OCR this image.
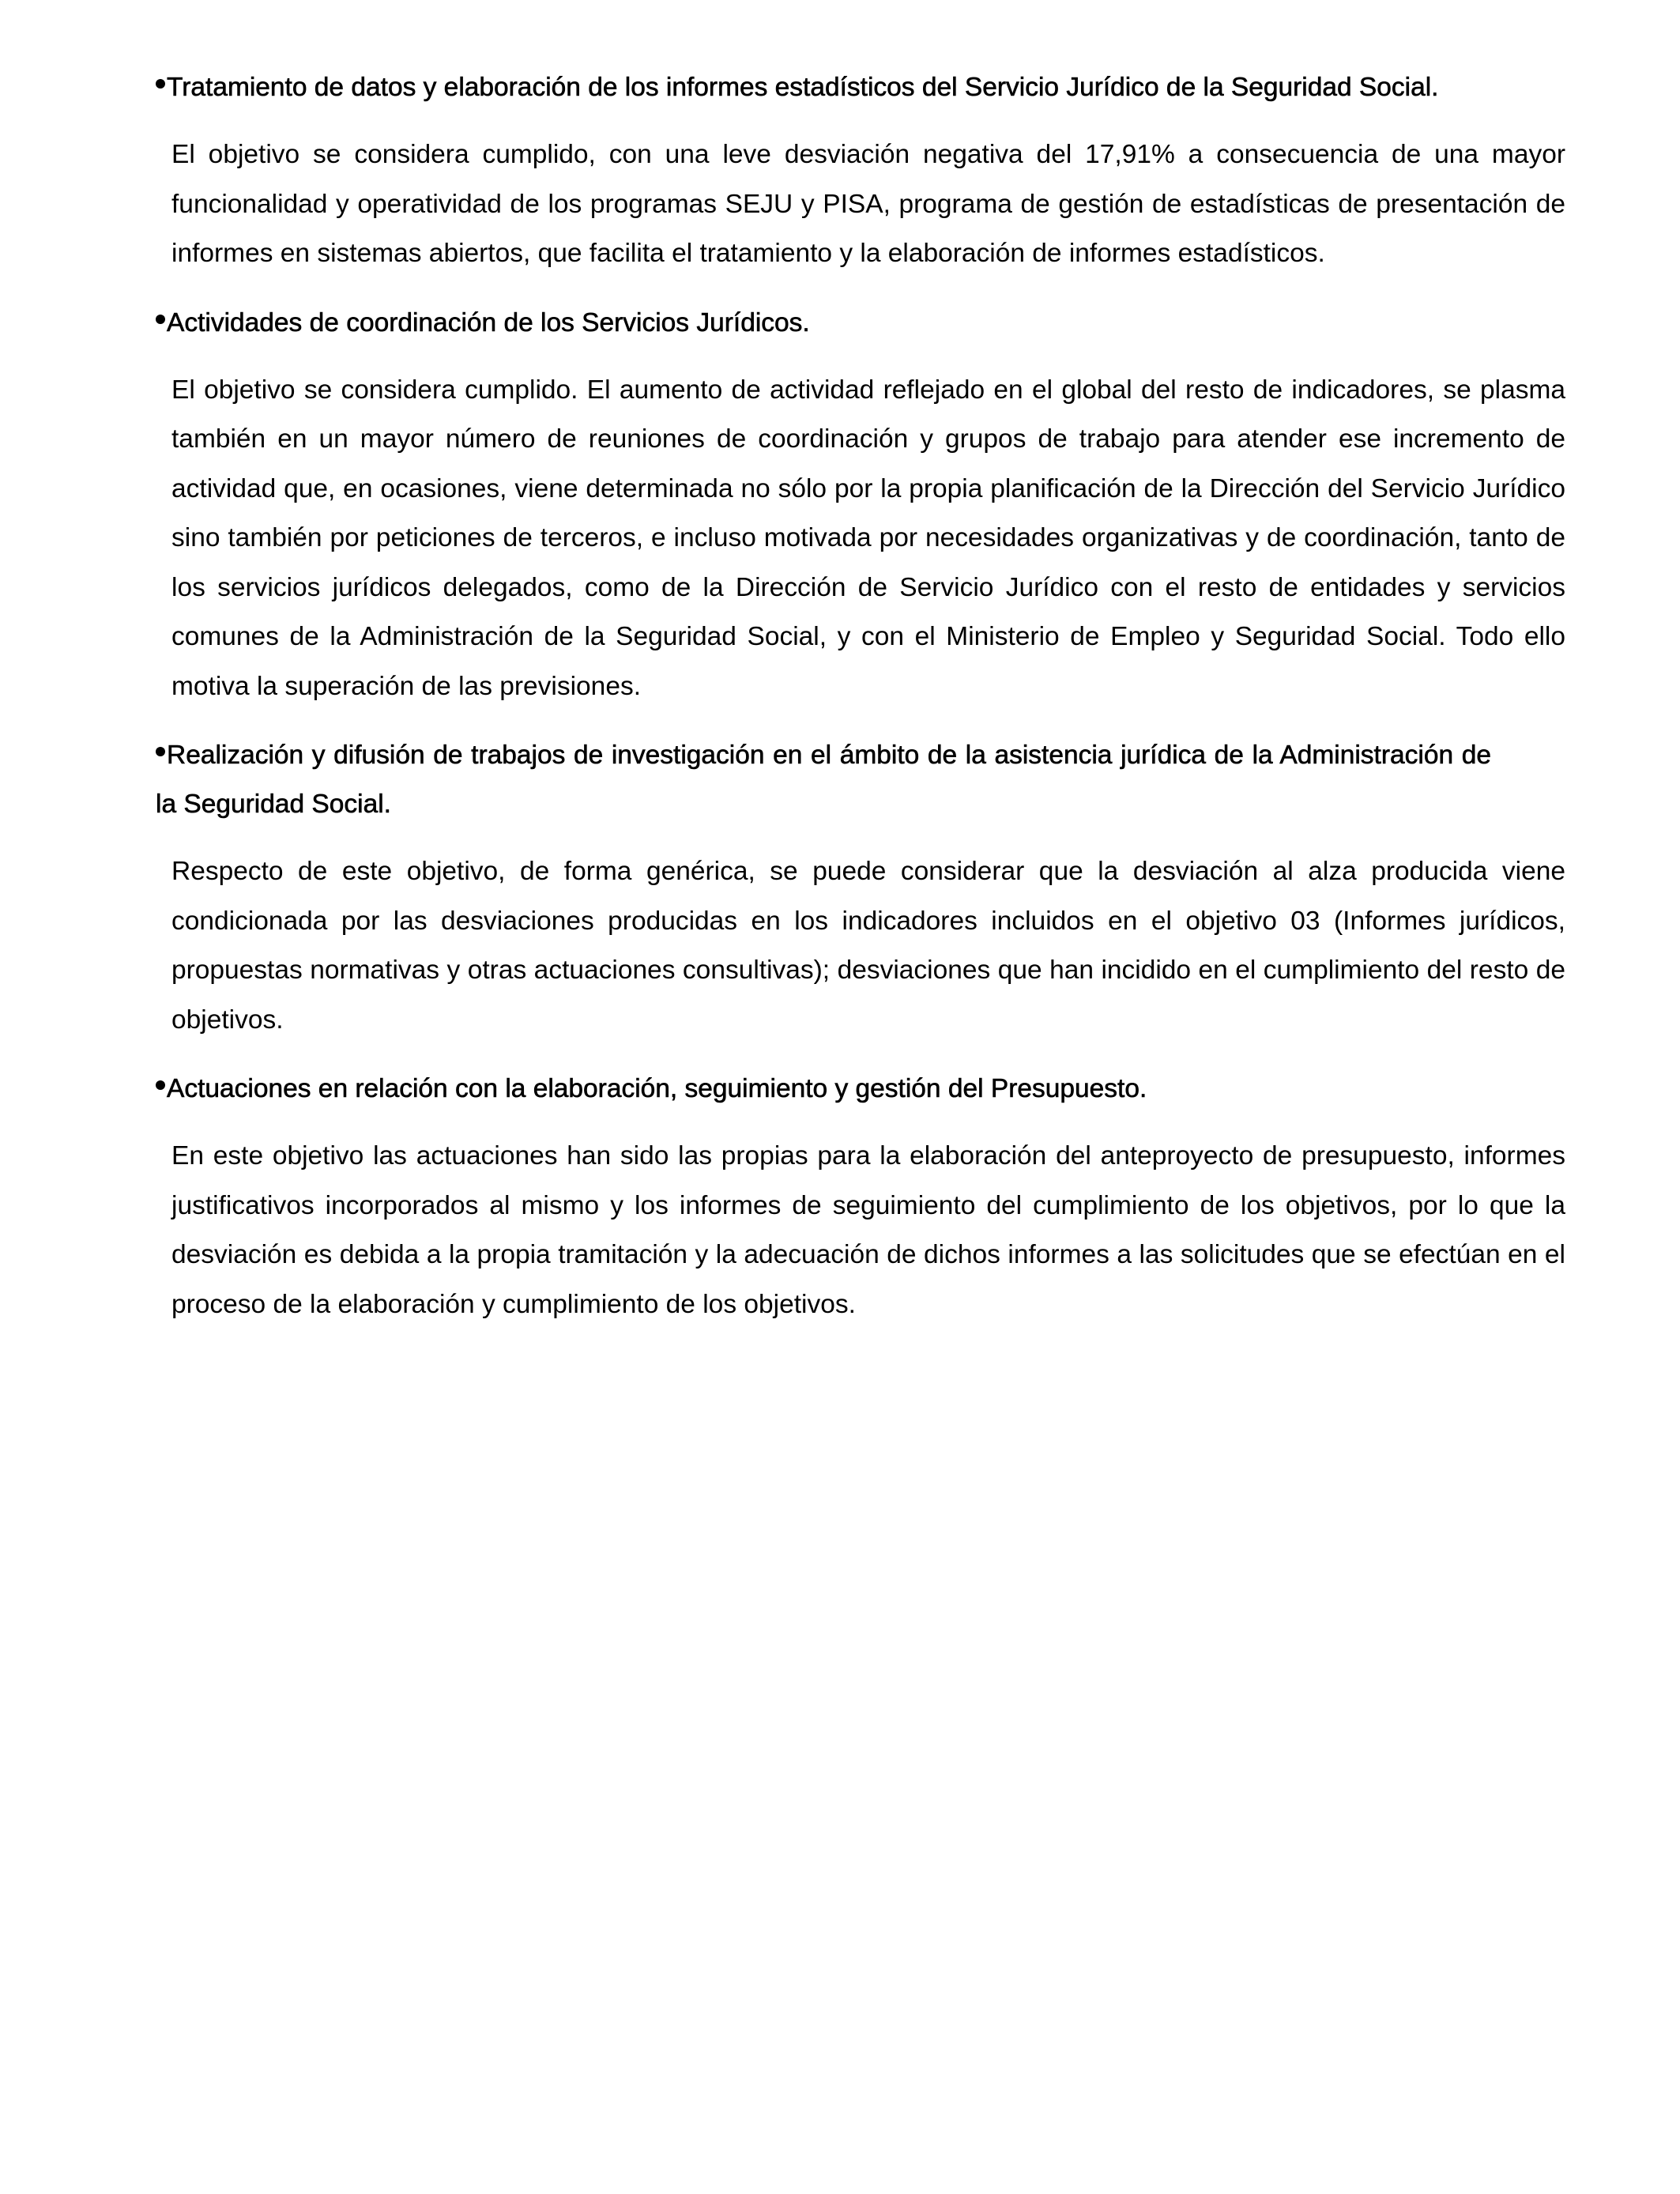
Tratamiento de datos y elaboración de los informes estadísticos del Servicio Jurídico de la Seguridad Social.

El objetivo se considera cumplido, con una leve desviación negativa del 17,91% a consecuencia de una mayor funcionalidad y operatividad de los programas SEJU y PISA, programa de gestión de estadísticas de presentación de informes en sistemas abiertos, que facilita el tratamiento y la elaboración de informes estadísticos.

Actividades de coordinación de los Servicios Jurídicos.

El objetivo se considera cumplido. El aumento de actividad reflejado en el global del resto de indicadores, se plasma también en un mayor número de reuniones de coordinación y grupos de trabajo para atender ese incremento de actividad que, en ocasiones, viene determinada no sólo por la propia planificación de la Dirección del Servicio Jurídico sino también por peticiones de terceros, e incluso motivada por necesidades organizativas y de coordinación, tanto de los servicios jurídicos delegados, como de la Dirección de Servicio Jurídico con el resto de entidades y servicios comunes de la Administración de la Seguridad Social, y con el Ministerio de Empleo y Seguridad Social. Todo ello motiva la superación de las previsiones.

Realización y difusión de trabajos de investigación en el ámbito de la asistencia jurídica de la Administración de la Seguridad Social.

Respecto de este objetivo, de forma genérica, se puede considerar que la desviación al alza producida viene condicionada por las desviaciones producidas en los indicadores incluidos en el objetivo 03 (Informes jurídicos, propuestas normativas y otras actuaciones consultivas); desviaciones que han incidido en el cumplimiento del resto de objetivos.

Actuaciones en relación con la elaboración, seguimiento y gestión del Presupuesto.

En este objetivo las actuaciones han sido las propias para la elaboración del anteproyecto de presupuesto, informes justificativos incorporados al mismo y los informes de seguimiento del cumplimiento de los objetivos, por lo que la desviación es debida a la propia tramitación y la adecuación de dichos informes a las solicitudes que se efectúan en el proceso de la elaboración y cumplimiento de los objetivos.
